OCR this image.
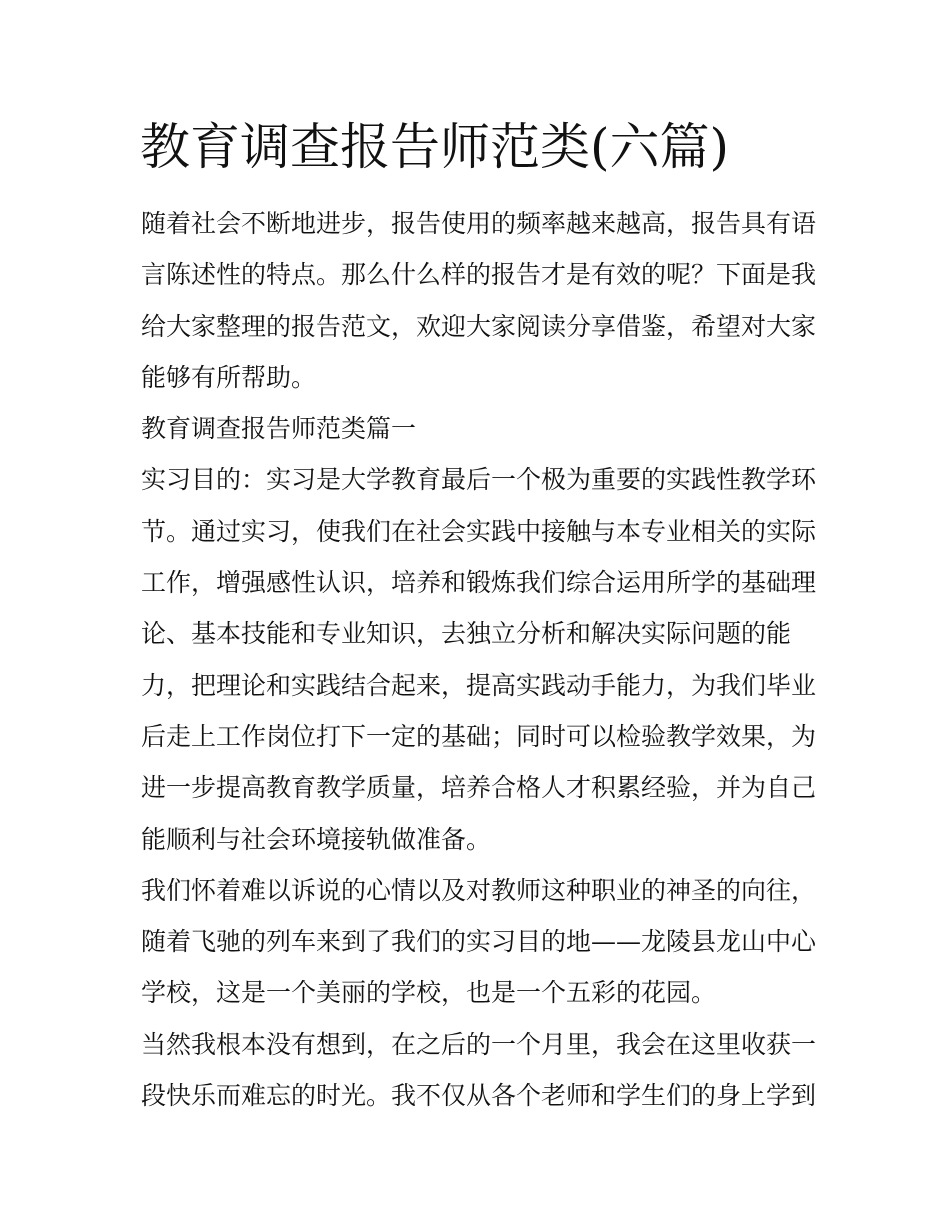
教育调查报告师范类(六篇)
随着社会不断地进步，报告使用的频率越来越高，报告具有语
言陈述性的特点。那么什么样的报告才是有效的呢？下面是我
给大家整理的报告范文，欢迎大家阅读分享借鉴，希望对大家
能够有所帮助。
教育调查报告师范类篇一
实习目的：实习是大学教育最后一个极为重要的实践性教学环
节。通过实习，使我们在社会实践中接触与本专业相关的实际
工作，增强感性认识，培养和锻炼我们综合运用所学的基础理
论、基本技能和专业知识，去独立分析和解决实际问题的能
力，把理论和实践结合起来，提高实践动手能力，为我们毕业
后走上工作岗位打下一定的基础；同时可以检验教学效果，为
进一步提高教育教学质量，培养合格人才积累经验，并为自己
能顺利与社会环境接轨做准备。
我们怀着难以诉说的心情以及对教师这种职业的神圣的向往，
随着飞驰的列车来到了我们的实习目的地——龙陵县龙山中心
学校，这是一个美丽的学校，也是一个五彩的花园。
当然我根本没有想到，在之后的一个月里，我会在这里收获一
段快乐而难忘的时光。我不仅从各个老师和学生们的身上学到
